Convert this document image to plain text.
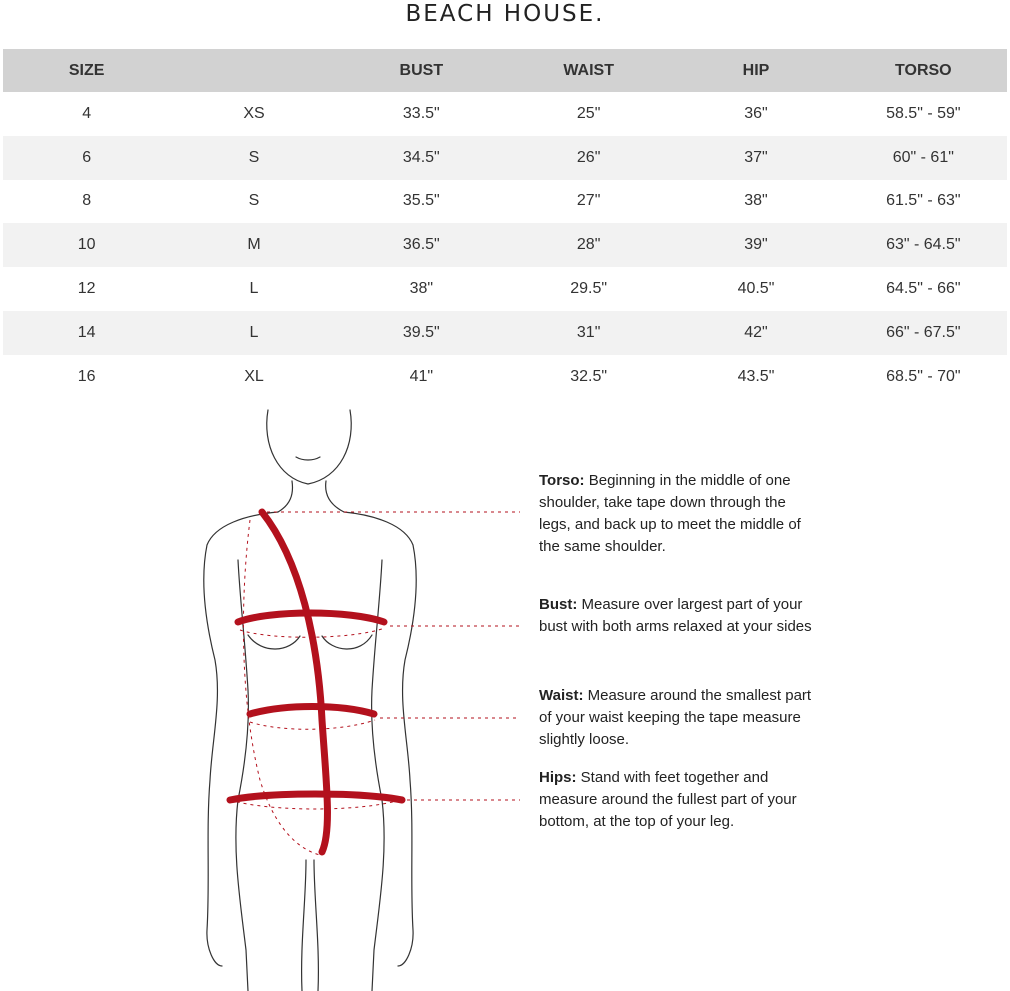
BEACH HOUSE.
SIZE		BUST	WAIST	HIP	TORSO
4	XS	33.5"	25"	36"	58.5" - 59"
6	S	34.5"	26"	37"	60" - 61"
8	S	35.5"	27"	38"	61.5" - 63"
10	M	36.5"	28"	39"	63" - 64.5"
12	L	38"	29.5"	40.5"	64.5" - 66"
14	L	39.5"	31"	42"	66" - 67.5"
16	XL	41"	32.5"	43.5"	68.5" - 70"
Torso: Beginning in the middle of one shoulder, take tape down through the legs, and back up to meet the middle of the same shoulder.
Bust: Measure over largest part of your bust with both arms relaxed at your sides
Waist: Measure around the smallest part of your waist keeping the tape measure slightly loose.
Hips: Stand with feet together and measure around the fullest part of your bottom, at the top of your leg.
